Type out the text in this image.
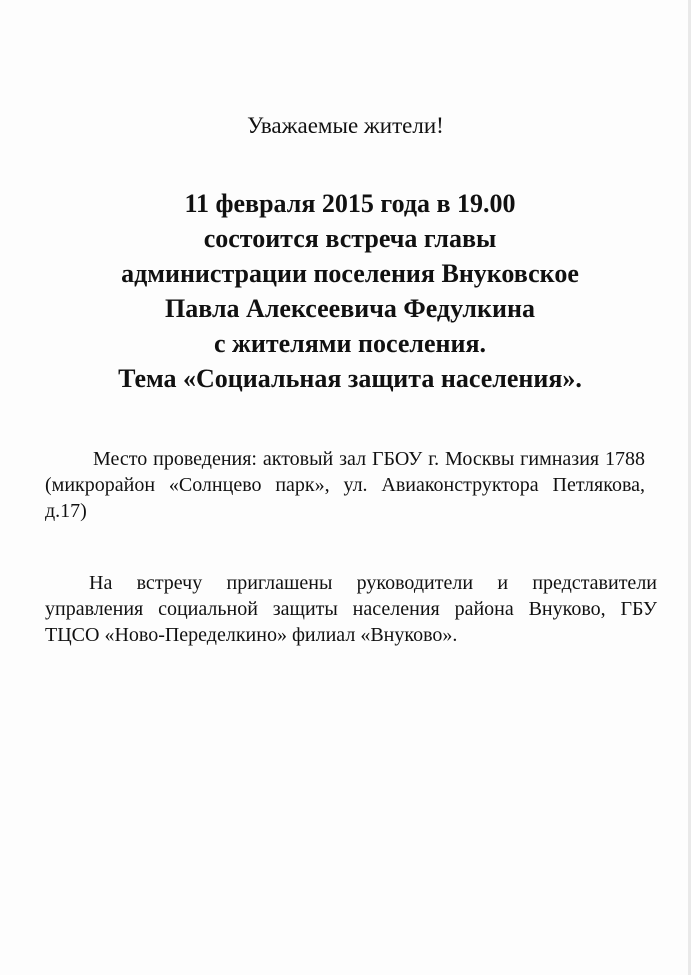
Уважаемые жители!
11 февраля 2015 года в 19.00
состоится встреча главы
администрации поселения Внуковское
Павла Алексеевича Федулкина
с жителями поселения.
Тема «Социальная защита населения».

Место проведения: актовый зал ГБОУ г. Москвы гимназия 1788 (микрорайон «Солнцево парк», ул. Авиаконструктора Петлякова, д.17)

На встречу приглашены руководители и представители управления социальной защиты населения района Внуково, ГБУ ТЦСО «Ново-Переделкино» филиал «Внуково».
